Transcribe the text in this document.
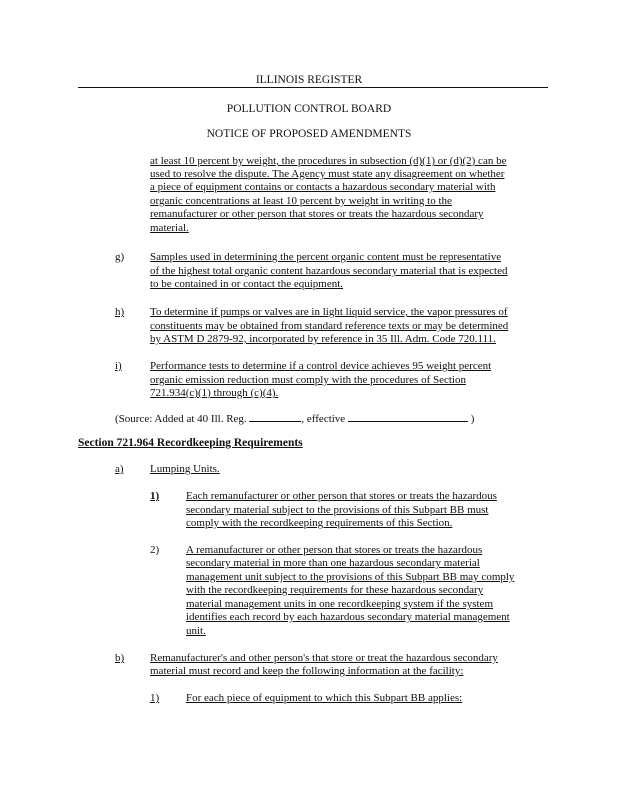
ILLINOIS REGISTER
POLLUTION CONTROL BOARD
NOTICE OF PROPOSED AMENDMENTS
at least 10 percent by weight, the procedures in subsection (d)(1) or (d)(2) can be
used to resolve the dispute. The Agency must state any disagreement on whether
a piece of equipment contains or contacts a hazardous secondary material with
organic concentrations at least 10 percent by weight in writing to the
remanufacturer or other person that stores or treats the hazardous secondary
material.
g) Samples used in determining the percent organic content must be representative
of the highest total organic content hazardous secondary material that is expected
to be contained in or contact the equipment.
h) To determine if pumps or valves are in light liquid service, the vapor pressures of
constituents may be obtained from standard reference texts or may be determined
by ASTM D 2879-92, incorporated by reference in 35 Ill. Adm. Code 720.111.
i)	Performance tests to determine if a control device achieves 95 weight percent
organic emission reduction must comply with the procedures of Section
721.934(c)(1) through (c)(4).
(Source: Added at 40 Ill. Reg.	, effective	)
Section 721.964 Recordkeeping Requirements
a) Lumping Units.
1) Each remanufacturer or other person that stores or treats the hazardous
secondary material subject to the provisions of this Subpart BB must
comply with the recordkeeping requirements of this Section.
2) A remanufacturer or other person that stores or treats the hazardous
secondary material in more than one hazardous secondary material
management unit subject to the provisions of this Subpart BB may comply
with the recordkeeping requirements for these hazardous secondary
material management units in one recordkeeping system if the system
identifies each record by each hazardous secondary material management
unit.
b) Remanufacturer's and other person's that store or treat the hazardous secondary
material must record and keep the following information at the facility:
1) For each piece of equipment to which this Subpart BB applies:
